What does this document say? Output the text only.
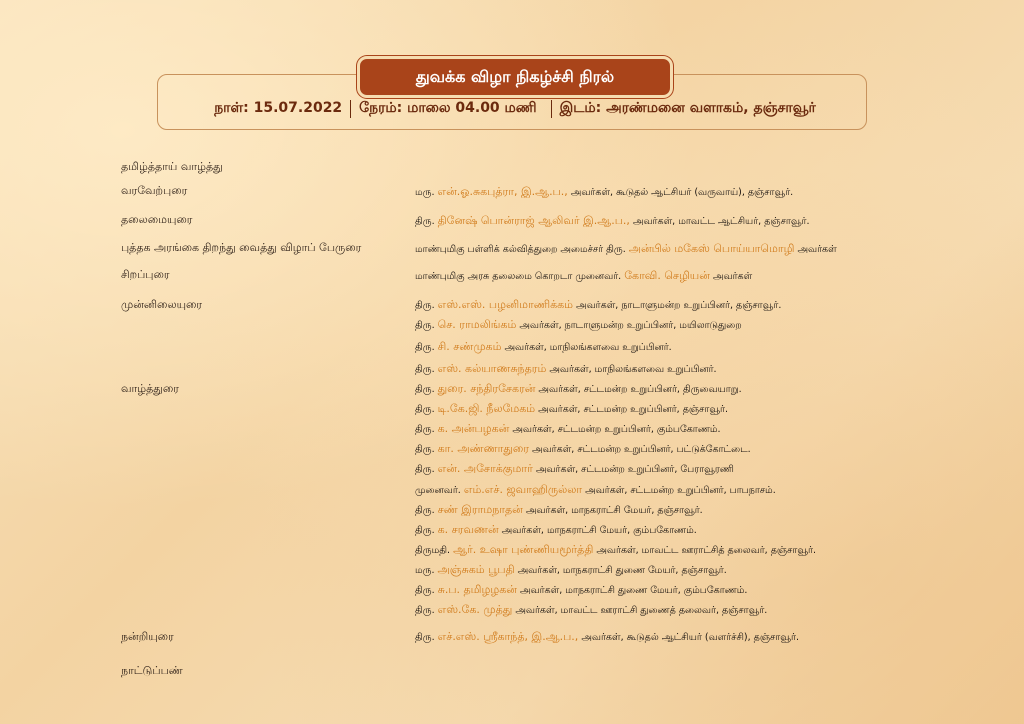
துவக்க விழா நிகழ்ச்சி நிரல்
நாள்: 15.07.2022 நேரம்: மாலை 04.00 மணி இடம்: அரண்மனை வளாகம், தஞ்சாவூர்
தமிழ்த்தாய் வாழ்த்து
வரவேற்புரை	மரு. என்.ஓ.சுகபுத்ரா, இ.ஆ.ப., அவர்கள், கூடுதல் ஆட்சியர் (வருவாய்), தஞ்சாவூர்.
தலைமையுரை	திரு. தினேஷ் பொன்ராஜ் ஆலிவர் இ.ஆ.ப., அவர்கள், மாவட்ட ஆட்சியர், தஞ்சாவூர்.
புத்தக அரங்கை திறந்து வைத்து விழாப் பேருரை	மாண்புமிகு பள்ளிக் கல்வித்துறை அமைச்சர் திரு. அன்பில் மகேஸ் பொய்யாமொழி அவர்கள்
சிறப்புரை	மாண்புமிகு அரசு தலைமை கொறடா முனைவர். கோவி. செழியன் அவர்கள்
முன்னிலையுரை	திரு. எஸ்.எஸ். பழனிமாணிக்கம் அவர்கள், நாடாளுமன்ற உறுப்பினர், தஞ்சாவூர்.
திரு. செ. ராமலிங்கம் அவர்கள், நாடாளுமன்ற உறுப்பினர், மயிலாடுதுறை
திரு. சி. சண்முகம் அவர்கள், மாநிலங்களவை உறுப்பினர்.
திரு. எஸ். கல்யாணசுந்தரம் அவர்கள், மாநிலங்களவை உறுப்பினர்.
வாழ்த்துரை	திரு. துரை. சந்திரசேகரன் அவர்கள், சட்டமன்ற உறுப்பினர், திருவையாறு.
திரு. டி.கே.ஜி. நீலமேகம் அவர்கள், சட்டமன்ற உறுப்பினர், தஞ்சாவூர்.
திரு. க. அன்பழகன் அவர்கள், சட்டமன்ற உறுப்பினர், கும்பகோணம்.
திரு. கா. அண்ணாதுரை அவர்கள், சட்டமன்ற உறுப்பினர், பட்டுக்கோட்டை.
திரு. என். அசோக்குமார் அவர்கள், சட்டமன்ற உறுப்பினர், பேராவூரணி
முனைவர். எம்.எச். ஜவாஹிருல்லா அவர்கள், சட்டமன்ற உறுப்பினர், பாபநாசம்.
திரு. சண் இராமநாதன் அவர்கள், மாநகராட்சி மேயர், தஞ்சாவூர்.
திரு. க. சரவணன் அவர்கள், மாநகராட்சி மேயர், கும்பகோணம்.
திருமதி. ஆர். உஷா புண்ணியமூர்த்தி அவர்கள், மாவட்ட ஊராட்சித் தலைவர், தஞ்சாவூர்.
மரு. அஞ்சுகம் பூபதி அவர்கள், மாநகராட்சி துணை மேயர், தஞ்சாவூர்.
திரு. சு.ப. தமிழழகன் அவர்கள், மாநகராட்சி துணை மேயர், கும்பகோணம்.
திரு. எஸ்.கே. முத்து அவர்கள், மாவட்ட ஊராட்சி துணைத் தலைவர், தஞ்சாவூர்.
நன்றியுரை	திரு. எச்.எஸ். ஸ்ரீகாந்த், இ.ஆ.ப., அவர்கள், கூடுதல் ஆட்சியர் (வளர்ச்சி), தஞ்சாவூர்.
நாட்டுப்பண்
